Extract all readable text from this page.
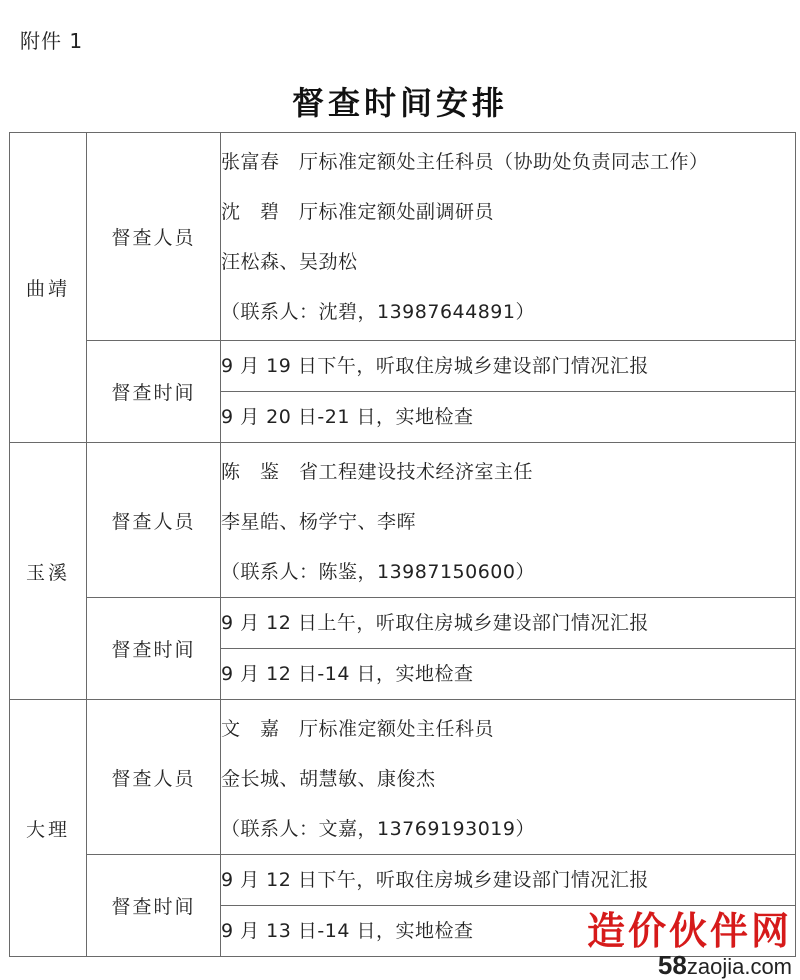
附件 1
督查时间安排
曲靖	督查人员	张富春　厅标准定额处主任科员（协助处负责同志工作）
沈　碧　厅标准定额处副调研员
汪松森、吴劲松
（联系人：沈碧，13987644891）

	督查时间	9 月 19 日下午，听取住房城乡建设部门情况汇报
9 月 20 日-21 日，实地检查

玉溪	督查人员	陈　鉴　省工程建设技术经济室主任
李星皓、杨学宁、李晖
（联系人：陈鉴，13987150600）

	督查时间	9 月 12 日上午，听取住房城乡建设部门情况汇报
9 月 12 日-14 日，实地检查

大理	督查人员	文　嘉　厅标准定额处主任科员
金长城、胡慧敏、康俊杰
（联系人：文嘉，13769193019）

	督查时间	9 月 12 日下午，听取住房城乡建设部门情况汇报
9 月 13 日-14 日，实地检查	造价伙伴网
58zaojia.com
